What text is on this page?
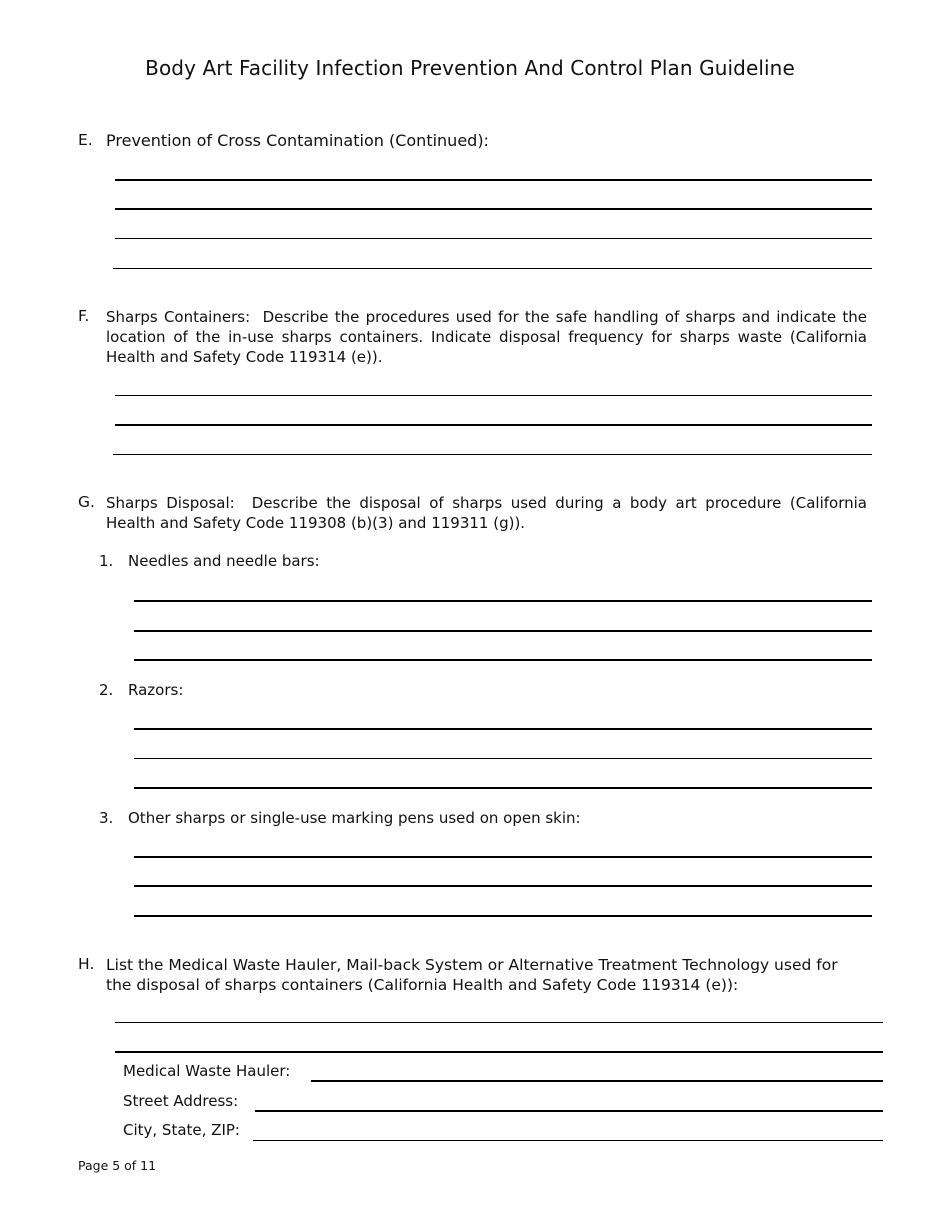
Body Art Facility Infection Prevention And Control Plan Guideline
E. Prevention of Cross Contamination (Continued):
F. Sharps Containers: Describe the procedures used for the safe handling of sharps and indicate the location of the in-use sharps containers. Indicate disposal frequency for sharps waste (California Health and Safety Code 119314 (e)).
G. Sharps Disposal: Describe the disposal of sharps used during a body art procedure (California Health and Safety Code 119308 (b)(3) and 119311 (g)).
1. Needles and needle bars:
2. Razors:
3. Other sharps or single-use marking pens used on open skin:
H. List the Medical Waste Hauler, Mail-back System or Alternative Treatment Technology used for the disposal of sharps containers (California Health and Safety Code 119314 (e)):
Medical Waste Hauler:
Street Address:
City, State, ZIP:
Page 5 of 11
